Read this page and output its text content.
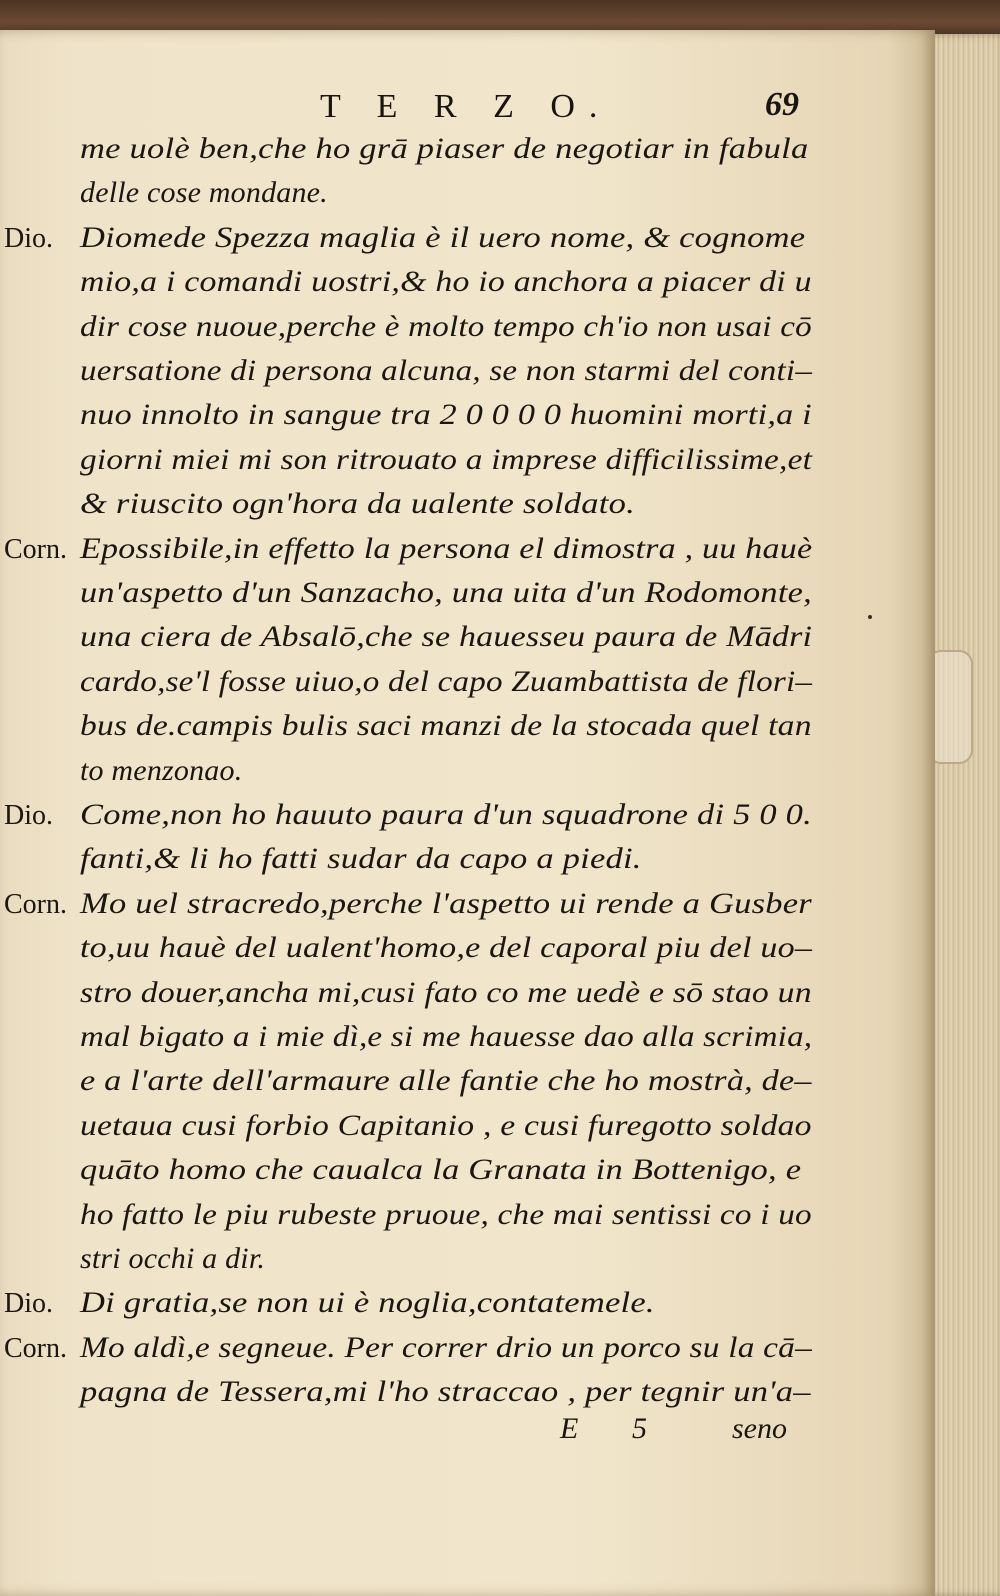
T E R Z O.	69
me uolè ben,che ho grā piaser de negotiar in fabula
delle cose mondane.
Dio. Diomede Spezza maglia è il uero nome, & cognome
mio,a i comandi uostri,& ho io anchora a piacer di u
dir cose nuoue,perche è molto tempo ch'io non usai cō
uersatione di persona alcuna, se non starmi del conti–
nuo innolto in sangue tra 2 0 0 0 0 huomini morti,a i
giorni miei mi son ritrouato a imprese difficilissime,et
& riuscito ogn'hora da ualente soldato.
Corn. Epossibile,in effetto la persona el dimostra , uu hauè
un'aspetto d'un Sanzacho, una uita d'un Rodomonte,
una ciera de Absalō,che se hauesseu paura de Mādri
cardo,se'l fosse uiuo,o del capo Zuambattista de flori–
bus de.campis bulis saci manzi de la stocada quel tan
to menzonao.
Dio. Come,non ho hauuto paura d'un squadrone di 5 0 0.
fanti,& li ho fatti sudar da capo a piedi.
Corn. Mo uel stracredo,perche l'aspetto ui rende a Gusber
to,uu hauè del ualent'homo,e del caporal piu del uo–
stro douer,ancha mi,cusi fato co me uedè e sō stao un
mal bigato a i mie dì,e si me hauesse dao alla scrimia,
e a l'arte dell'armaure alle fantie che ho mostrà, de–
uetaua cusi forbio Capitanio , e cusi furegotto soldao
quāto homo che caualca la Granata in Bottenigo, e
ho fatto le piu rubeste pruoue, che mai sentissi co i uo
stri occhi a dir.
Dio. Di gratia,se non ui è noglia,contatemele.
Corn. Mo aldì,e segneue. Per correr drio un porco su la cā–
pagna de Tessera,mi l'ho straccao , per tegnir un'a–
E 5	seno
